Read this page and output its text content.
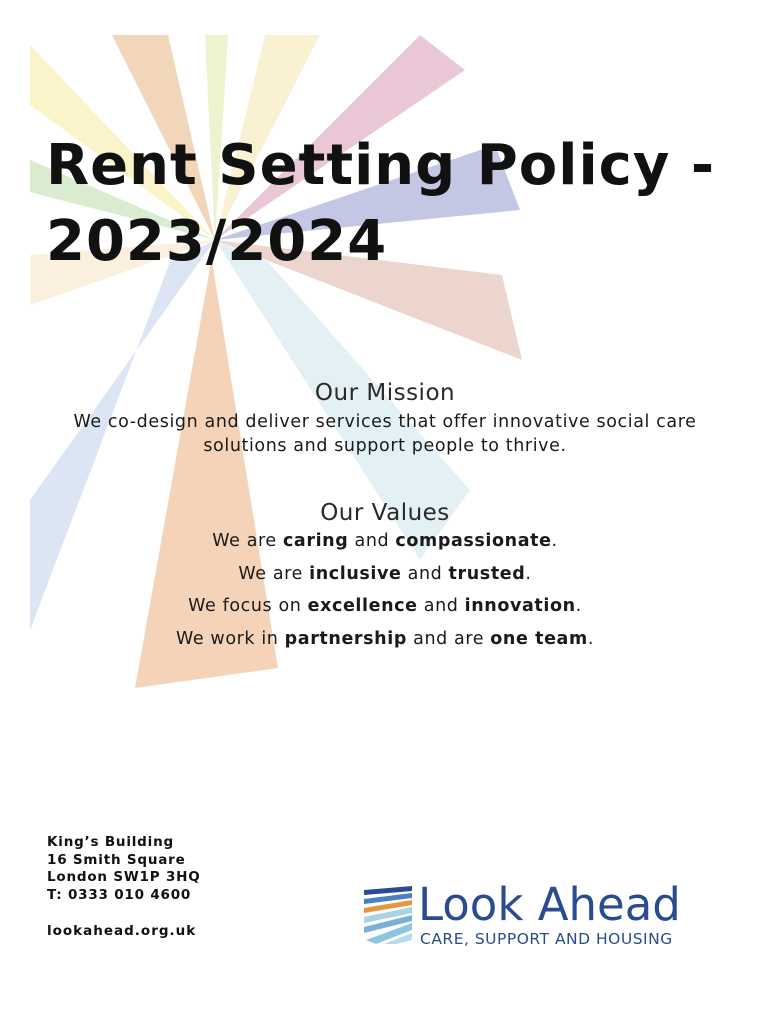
Rent Setting Policy -
2023/2024
Our Mission

We co-design and deliver services that offer innovative social care solutions and support people to thrive.

Our Values

We are caring and compassionate.

We are inclusive and trusted.

We focus on excellence and innovation.

We work in partnership and are one team.

King’s Building
16 Smith Square
London SW1P 3HQ
T: 0333 010 4600
lookahead.org.uk	Look Ahead
CARE, SUPPORT AND HOUSING
